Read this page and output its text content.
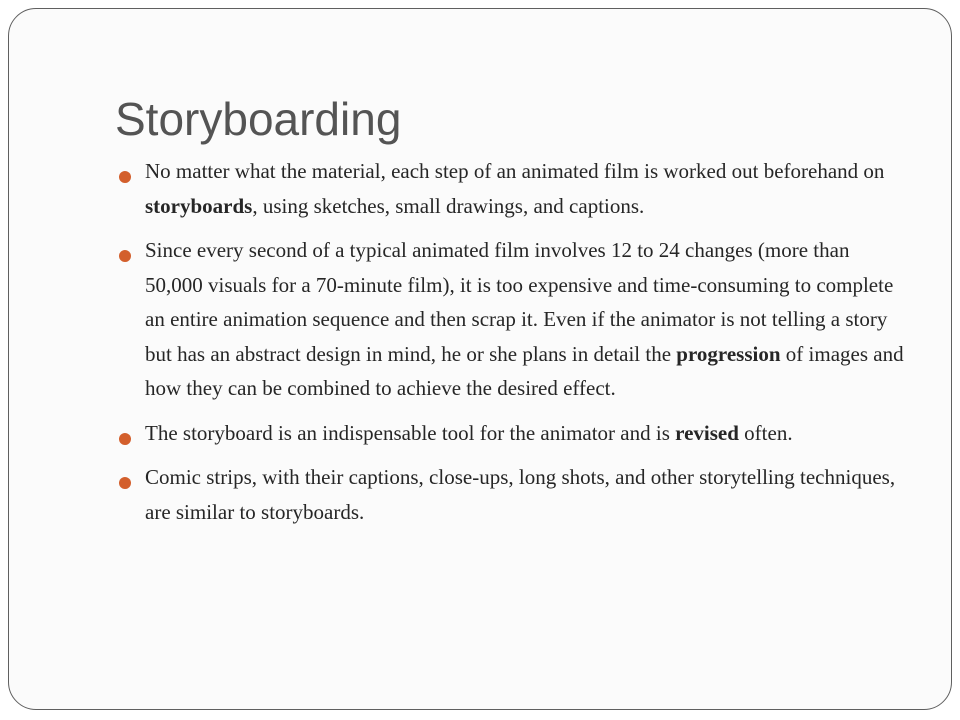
Storyboarding
No matter what the material, each step of an animated film is worked out beforehand on storyboards, using sketches, small drawings, and captions.
Since every second of a typical animated film involves 12 to 24 changes (more than 50,000 visuals for a 70-minute film), it is too expensive and time-consuming to complete an entire animation sequence and then scrap it. Even if the animator is not telling a story but has an abstract design in mind, he or she plans in detail the progression of images and how they can be combined to achieve the desired effect.
The storyboard is an indispensable tool for the animator and is revised often.
Comic strips, with their captions, close-ups, long shots, and other storytelling techniques, are similar to storyboards.
